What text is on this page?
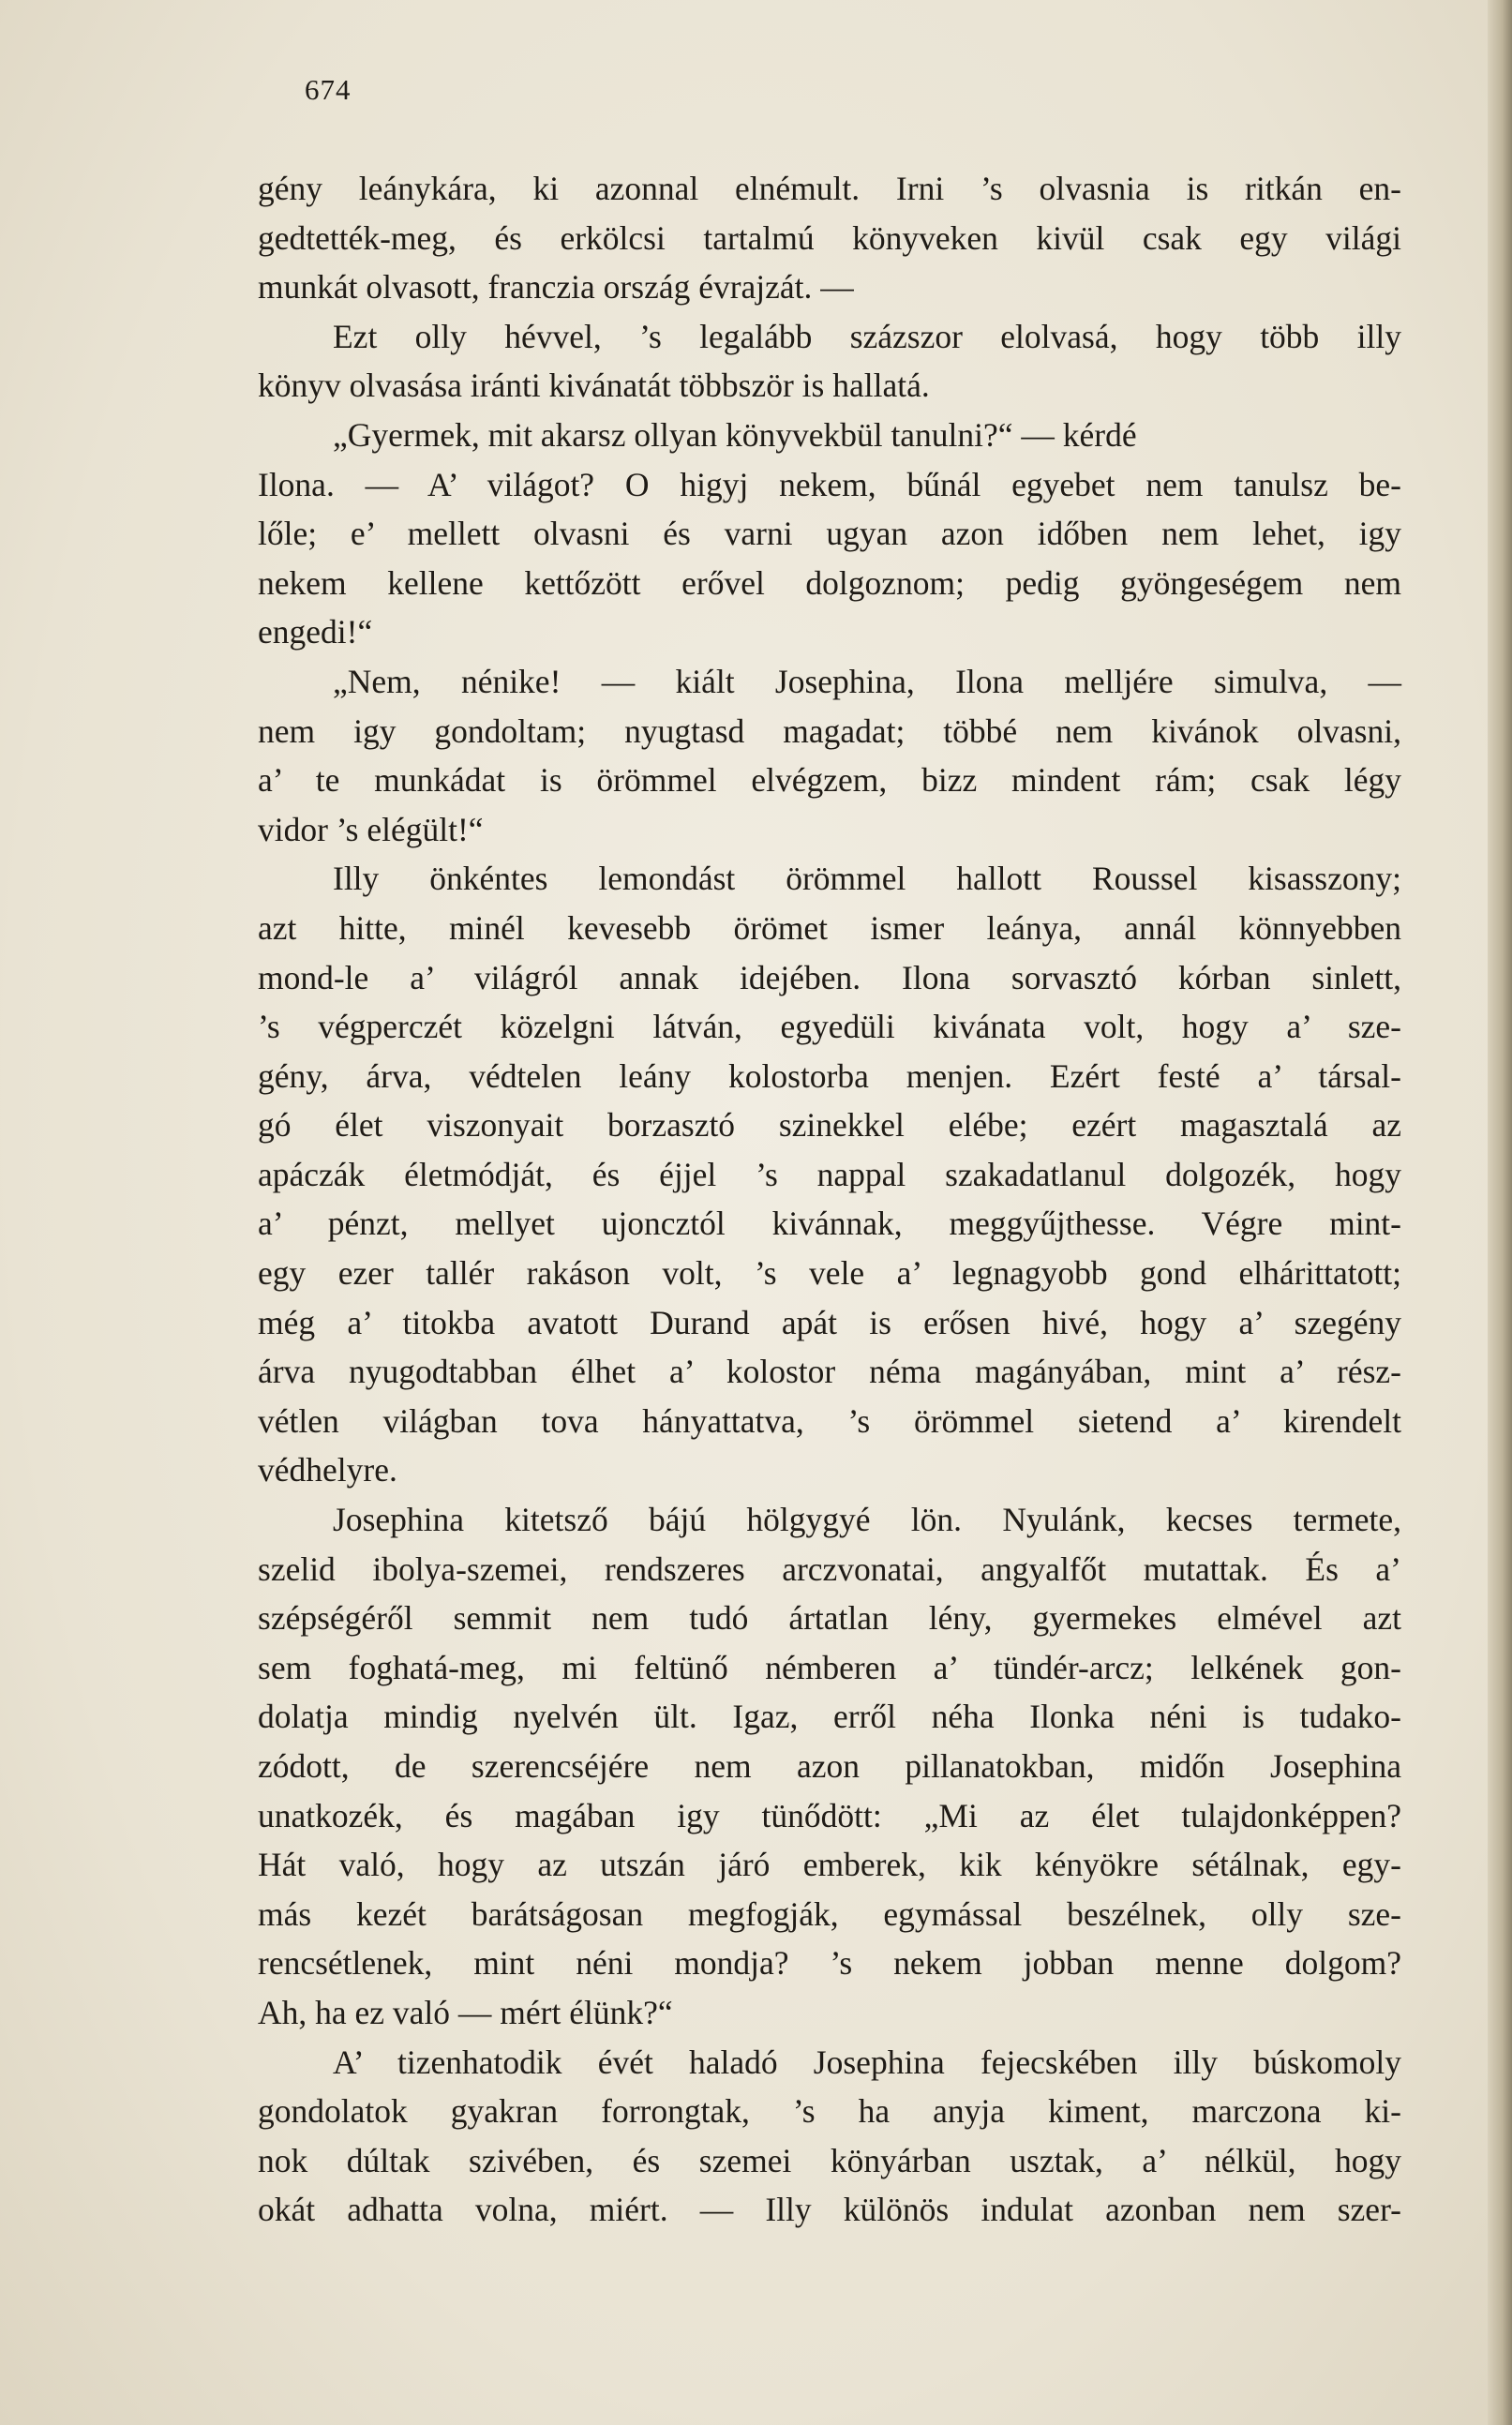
674
gény leánykára, ki azonnal elnémult. Irni ’s olvasnia is ritkán en-
gedtették-meg, és erkölcsi tartalmú könyveken kivül csak egy világi
munkát olvasott, franczia ország évrajzát. —
Ezt olly hévvel, ’s legalább százszor elolvasá, hogy több illy
könyv olvasása iránti kivánatát többször is hallatá.
„Gyermek, mit akarsz ollyan könyvekbül tanulni?“ — kérdé
Ilona. — A’ világot? O higyj nekem, bűnál egyebet nem tanulsz be-
lőle; e’ mellett olvasni és varni ugyan azon időben nem lehet, igy
nekem kellene kettőzött erővel dolgoznom; pedig gyöngeségem nem
engedi!“
„Nem, nénike! — kiált Josephina, Ilona melljére simulva, —
nem igy gondoltam; nyugtasd magadat; többé nem kivánok olvasni,
a’ te munkádat is örömmel elvégzem, bizz mindent rám; csak légy
vidor ’s elégült!“
Illy önkéntes lemondást örömmel hallott Roussel kisasszony;
azt hitte, minél kevesebb örömet ismer leánya, annál könnyebben
mond-le a’ világról annak idejében. Ilona sorvasztó kórban sinlett,
’s végperczét közelgni látván, egyedüli kivánata volt, hogy a’ sze-
gény, árva, védtelen leány kolostorba menjen. Ezért festé a’ társal-
gó élet viszonyait borzasztó szinekkel elébe; ezért magasztalá az
apáczák életmódját, és éjjel ’s nappal szakadatlanul dolgozék, hogy
a’ pénzt, mellyet ujoncztól kivánnak, meggyűjthesse. Végre mint-
egy ezer tallér rakáson volt, ’s vele a’ legnagyobb gond elhárittatott;
még a’ titokba avatott Durand apát is erősen hivé, hogy a’ szegény
árva nyugodtabban élhet a’ kolostor néma magányában, mint a’ rész-
vétlen világban tova hányattatva, ’s örömmel sietend a’ kirendelt
védhelyre.
Josephina kitetsző bájú hölgygyé lön. Nyulánk, kecses termete,
szelid ibolya-szemei, rendszeres arczvonatai, angyalfőt mutattak. És a’
szépségéről semmit nem tudó ártatlan lény, gyermekes elmével azt
sem foghatá-meg, mi feltünő némberen a’ tündér-arcz; lelkének gon-
dolatja mindig nyelvén ült. Igaz, erről néha Ilonka néni is tudako-
zódott, de szerencséjére nem azon pillanatokban, midőn Josephina
unatkozék, és magában igy tünődött: „Mi az élet tulajdonképpen?
Hát való, hogy az utszán járó emberek, kik kényökre sétálnak, egy-
más kezét barátságosan megfogják, egymással beszélnek, olly sze-
rencsétlenek, mint néni mondja? ’s nekem jobban menne dolgom?
Ah, ha ez való — mért élünk?“
A’ tizenhatodik évét haladó Josephina fejecskében illy búskomoly
gondolatok gyakran forrongtak, ’s ha anyja kiment, marczona ki-
nok dúltak szivében, és szemei könyárban usztak, a’ nélkül, hogy
okát adhatta volna, miért. — Illy különös indulat azonban nem szer-
